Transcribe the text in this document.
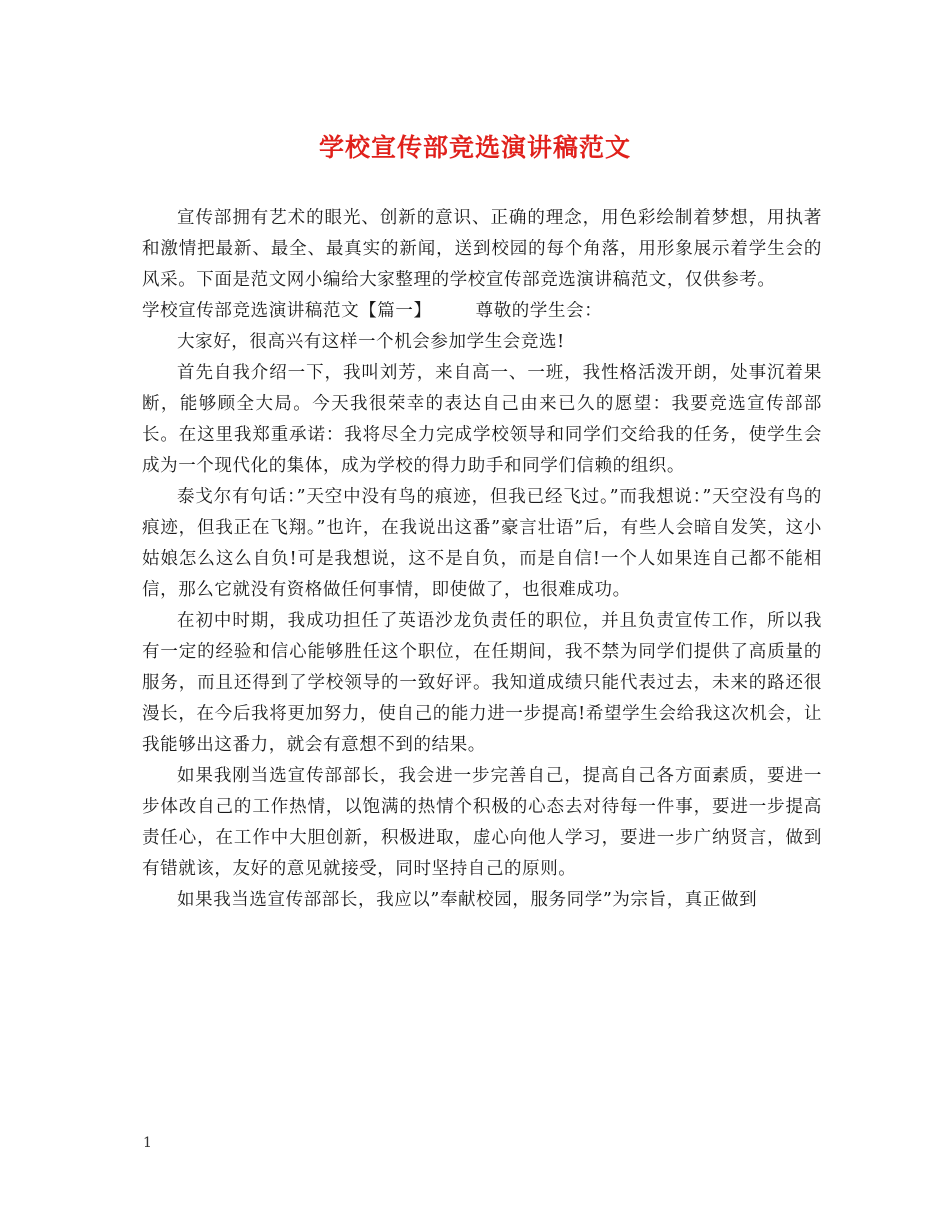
学校宣传部竞选演讲稿范文

宣传部拥有艺术的眼光、创新的意识、正确的理念，用色彩绘制着梦想，用执著和激情把最新、最全、最真实的新闻，送到校园的每个角落，用形象展示着学生会的风采。下面是范文网小编给大家整理的学校宣传部竞选演讲稿范文，仅供参考。

学校宣传部竞选演讲稿范文【篇一】	尊敬的学生会：

大家好，很高兴有这样一个机会参加学生会竞选!

首先自我介绍一下，我叫刘芳，来自高一、一班，我性格活泼开朗，处事沉着果断，能够顾全大局。今天我很荣幸的表达自己由来已久的愿望：我要竞选宣传部部长。在这里我郑重承诺：我将尽全力完成学校领导和同学们交给我的任务，使学生会成为一个现代化的集体，成为学校的得力助手和同学们信赖的组织。

泰戈尔有句话：”天空中没有鸟的痕迹，但我已经飞过。”而我想说：”天空没有鸟的痕迹，但我正在飞翔。”也许，在我说出这番”豪言壮语”后，有些人会暗自发笑，这小姑娘怎么这么自负!可是我想说，这不是自负，而是自信!一个人如果连自己都不能相信，那么它就没有资格做任何事情，即使做了，也很难成功。

在初中时期，我成功担任了英语沙龙负责任的职位，并且负责宣传工作，所以我有一定的经验和信心能够胜任这个职位，在任期间，我不禁为同学们提供了高质量的服务，而且还得到了学校领导的一致好评。我知道成绩只能代表过去，未来的路还很漫长，在今后我将更加努力，使自己的能力进一步提高!希望学生会给我这次机会，让我能够出这番力，就会有意想不到的结果。

如果我刚当选宣传部部长，我会进一步完善自己，提高自己各方面素质，要进一步体改自己的工作热情，以饱满的热情个积极的心态去对待每一件事，要进一步提高责任心，在工作中大胆创新，积极进取，虚心向他人学习，要进一步广纳贤言，做到有错就该，友好的意见就接受，同时坚持自己的原则。

如果我当选宣传部部长，我应以”奉献校园，服务同学”为宗旨，真正做到

1
